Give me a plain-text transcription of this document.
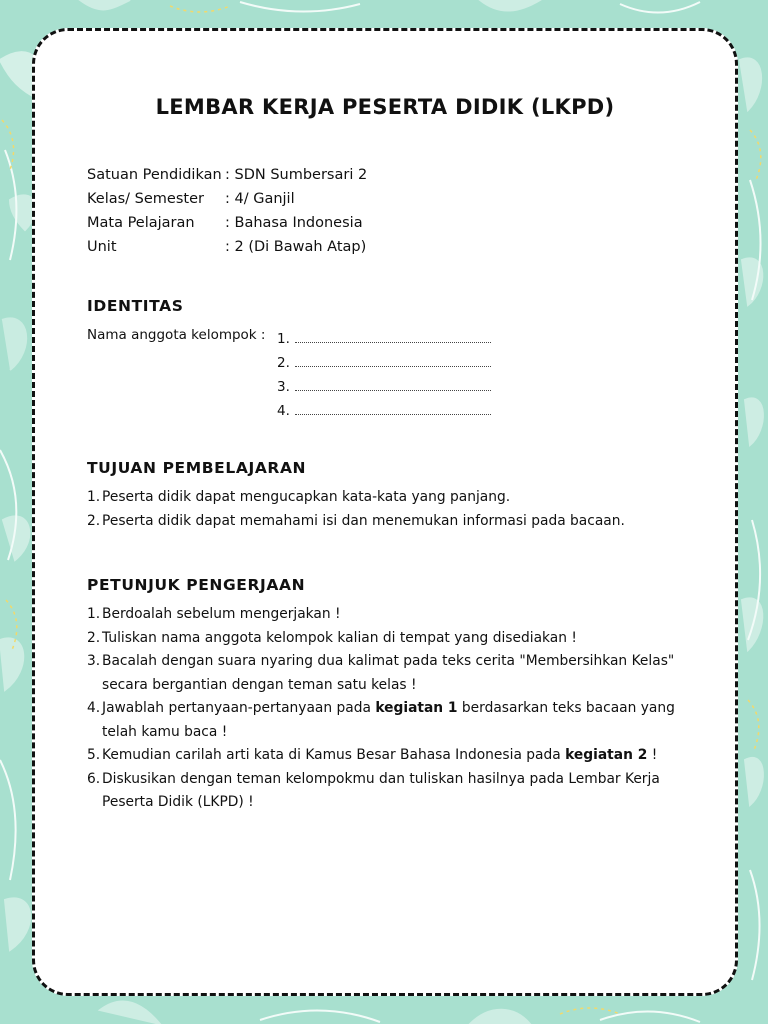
LEMBAR KERJA PESERTA DIDIK (LKPD)
Satuan Pendidikan : SDN Sumbersari 2
Kelas/ Semester	: 4/ Ganjil
Mata Pelajaran	: Bahasa Indonesia
Unit	: 2 (Di Bawah Atap)
IDENTITAS
Nama anggota kelompok : 1.
2.
3.
4.
TUJUAN PEMBELAJARAN
1. Peserta didik dapat mengucapkan kata-kata yang panjang.
2. Peserta didik dapat memahami isi dan menemukan informasi pada bacaan.
PETUNJUK PENGERJAAN
1. Berdoalah sebelum mengerjakan !
2. Tuliskan nama anggota kelompok kalian di tempat yang disediakan !
3. Bacalah dengan suara nyaring dua kalimat pada teks cerita "Membersihkan Kelas" secara bergantian dengan teman satu kelas !
4. Jawablah pertanyaan-pertanyaan pada kegiatan 1 berdasarkan teks bacaan yang telah kamu baca !
5. Kemudian carilah arti kata di Kamus Besar Bahasa Indonesia pada kegiatan 2 !
6. Diskusikan dengan teman kelompokmu dan tuliskan hasilnya pada Lembar Kerja Peserta Didik (LKPD) !
